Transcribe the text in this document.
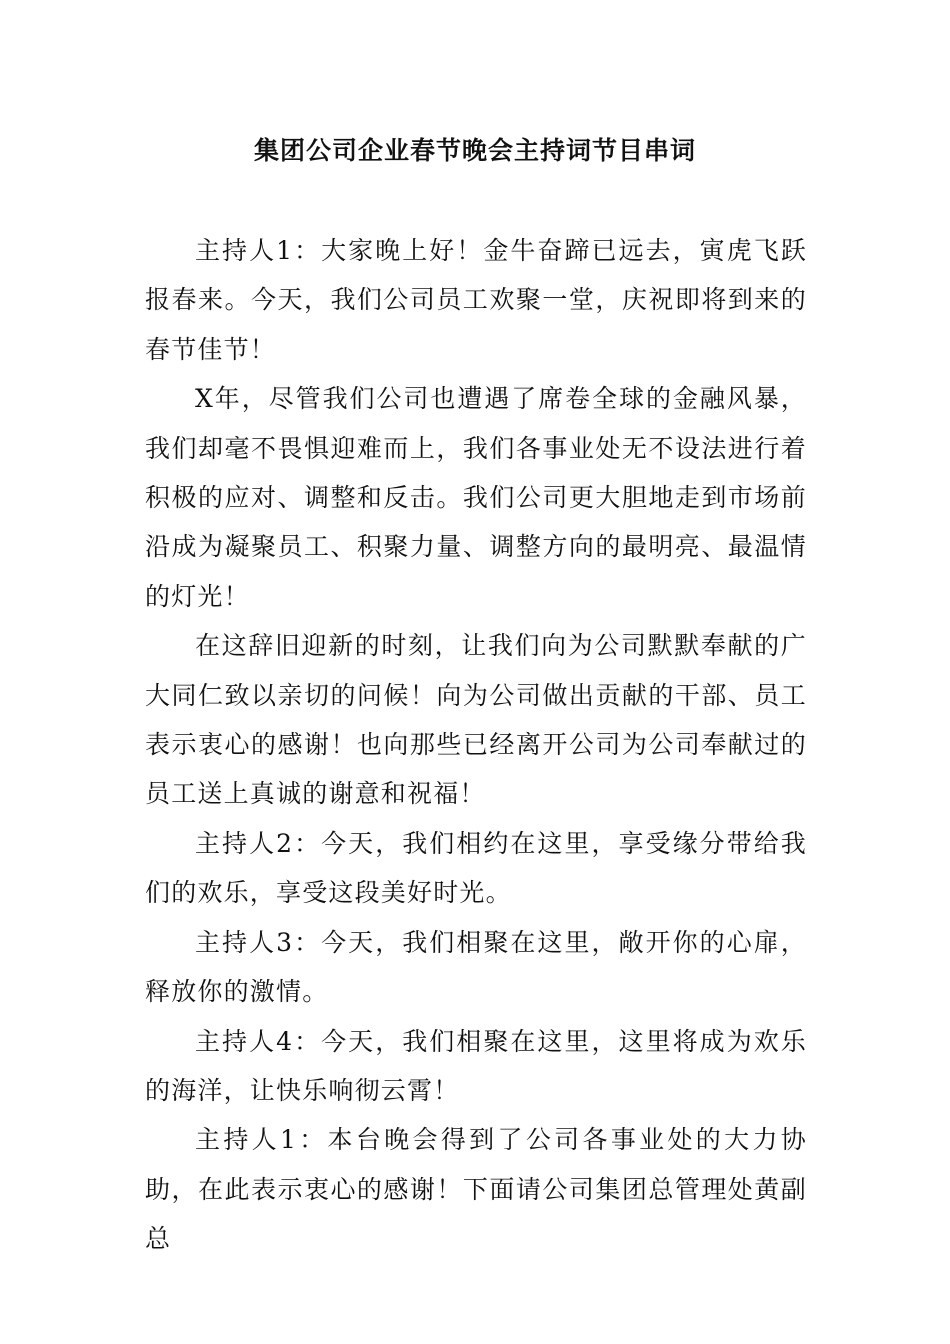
集团公司企业春节晚会主持词节目串词

主持人1：大家晚上好！金牛奋蹄已远去，寅虎飞跃报春来。今天，我们公司员工欢聚一堂，庆祝即将到来的春节佳节！

X年，尽管我们公司也遭遇了席卷全球的金融风暴，我们却毫不畏惧迎难而上，我们各事业处无不设法进行着积极的应对、调整和反击。我们公司更大胆地走到市场前沿成为凝聚员工、积聚力量、调整方向的最明亮、最温情的灯光！

在这辞旧迎新的时刻，让我们向为公司默默奉献的广大同仁致以亲切的问候！向为公司做出贡献的干部、员工表示衷心的感谢！也向那些已经离开公司为公司奉献过的员工送上真诚的谢意和祝福！

主持人2：今天，我们相约在这里，享受缘分带给我们的欢乐，享受这段美好时光。

主持人3：今天，我们相聚在这里，敞开你的心扉，释放你的激情。

主持人4：今天，我们相聚在这里，这里将成为欢乐的海洋，让快乐响彻云霄！

主持人1：本台晚会得到了公司各事业处的大力协助，在此表示衷心的感谢！下面请公司集团总管理处黄副总
